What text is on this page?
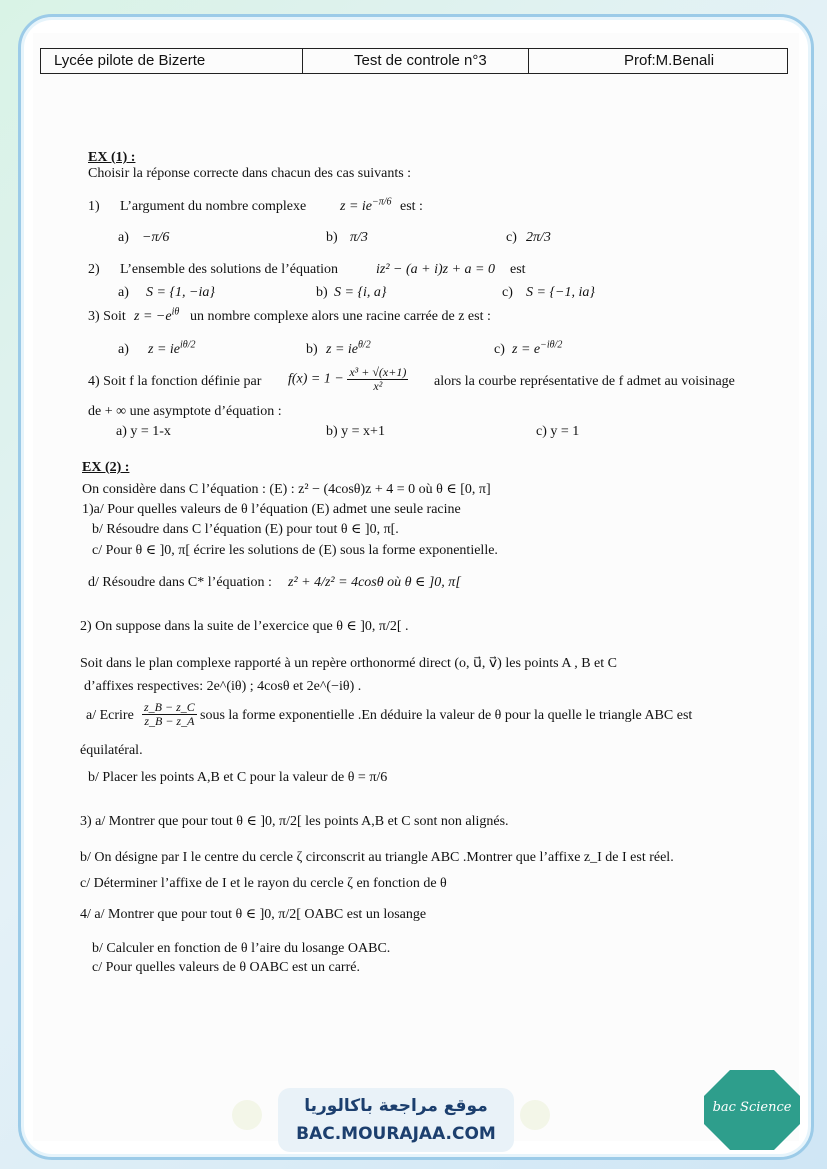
Lycée pilote de Bizerte	Test de controle n°3	Prof:M.Benali
EX (1) :
Choisir la réponse correcte dans chacun des cas suivants :
1) L’argument du nombre complexe $z = ie^{-\pi/6}$ est :
a) −π/6	b) π/3	c) 2π/3
2) L’ensemble des solutions de l’équation	iz² − (a + i)z + a = 0 est
a) S = {1, −ia}	b) S = {i, a}	c) S = {−1, ia}
3) Soit $z = -e^{i\theta}$ un nombre complexe alors une racine carrée de z est :
a) $z = ie^{i\theta/2}$	b) $z = ie^{\theta/2}$	c) $z = e^{-i\theta/2}$
4) Soit f la fonction définie par $f(x) = 1 - \frac{\text{x³ + √(x+1)}}{\text{x²}}$ alors la courbe représentative de f admet au voisinage
de + ∞ une asymptote d’équation :
a) y = 1-x	b) y = x+1	c) y = 1
EX (2) :
On considère dans C l’équation : (E) : z² − (4cosθ)z + 4 = 0 où θ ∈ [0, π]
1)a/ Pour quelles valeurs de θ l’équation (E) admet une seule racine
b/ Résoudre dans C l’équation (E) pour tout θ ∈ ]0, π[.
c/ Pour θ ∈ ]0, π[ écrire les solutions de (E) sous la forme exponentielle.
d/ Résoudre dans C* l’équation : z² + 4/z² = 4cosθ où θ ∈ ]0, π[
2) On suppose dans la suite de l’exercice que θ ∈ ]0, π/2[ .
Soit dans le plan complexe rapporté à un repère orthonormé direct (o, u⃗, v⃗) les points A , B et C
d’affixes respectives: 2e^(iθ) ; 4cosθ et 2e^(−iθ) .
a/ Ecrire $\frac{z\_B - z\_C}{z\_B - z\_A}$ sous la forme exponentielle .En déduire la valeur de θ pour la quelle le triangle ABC est
équilatéral.
b/ Placer les points A,B et C pour la valeur de θ = π/6
3) a/ Montrer que pour tout θ ∈ ]0, π/2[ les points A,B et C sont non alignés.
b/ On désigne par I le centre du cercle ζ circonscrit au triangle ABC .Montrer que l’affixe z_I de I est réel.
c/ Déterminer l’affixe de I et le rayon du cercle ζ en fonction de θ
4/ a/ Montrer que pour tout θ ∈ ]0, π/2[ OABC est un losange
b/ Calculer en fonction de θ l’aire du losange OABC.
c/ Pour quelles valeurs de θ OABC est un carré.
موقع مراجعة باكالوريا
BAC.MOURAJAA.COM
bac Science
